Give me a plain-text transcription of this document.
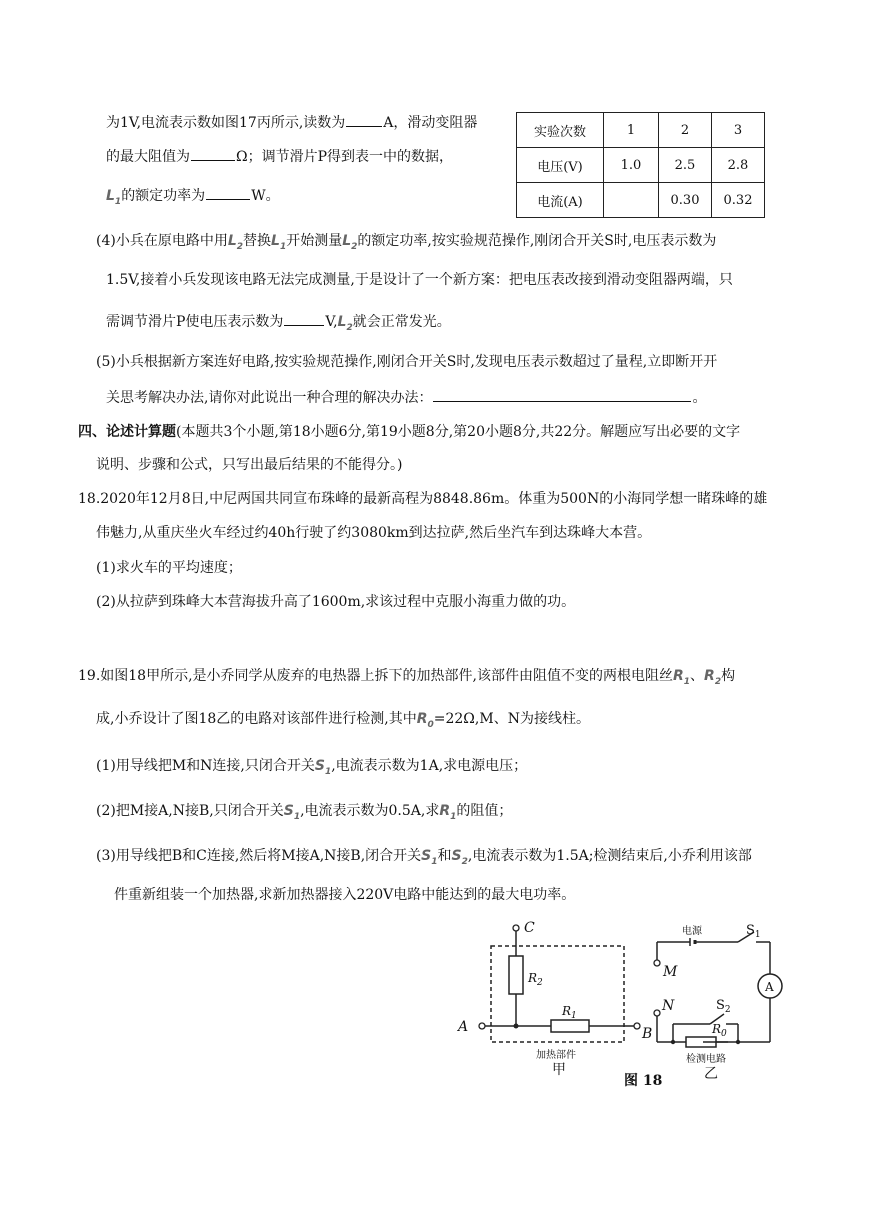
为1V,电流表示数如图17丙所示,读数为	A，滑动变阻器
的最大阻值为	Ω；调节滑片P得到表一中的数据，
$L_1$的额定功率为	W。
实验次数	1	2	3
电压(V)	1.0	2.5	2.8
电流(A)		0.30	0.32
(4)小兵在原电路中用$L_2$替换$L_1$开始测量$L_2$的额定功率,按实验规范操作,刚闭合开关S时,电压表示数为
1.5V,接着小兵发现该电路无法完成测量,于是设计了一个新方案：把电压表改接到滑动变阻器两端，只
需调节滑片P使电压表示数为	$V,L_2$就会正常发光。
(5)小兵根据新方案连好电路,按实验规范操作,刚闭合开关S时,发现电压表示数超过了量程,立即断开开
关思考解决办法,请你对此说出一种合理的解决办法：	。
四、论述计算题(本题共3个小题,第18小题6分,第19小题8分,第20小题8分,共22分。解题应写出必要的文字
说明、步骤和公式，只写出最后结果的不能得分。)
18.2020年12月8日,中尼两国共同宣布珠峰的最新高程为8848.86m。体重为500N的小海同学想一睹珠峰的雄
伟魅力,从重庆坐火车经过约40h行驶了约3080km到达拉萨,然后坐汽车到达珠峰大本营。
(1)求火车的平均速度；
(2)从拉萨到珠峰大本营海拔升高了1600m,求该过程中克服小海重力做的功。
19.如图18甲所示,是小乔同学从废弃的电热器上拆下的加热部件,该部件由阻值不变的两根电阻丝$R_1$、$R_2$构
成,小乔设计了图18乙的电路对该部件进行检测,其中$R_0=22\Omega,M$、N为接线柱。
(1)用导线把M和N连接,只闭合开关$S_1$,电流表示数为1A,求电源电压；
(2)把M接A,N接B,只闭合开关$S_1$,电流表示数为0.5A,求$R_1$的阻值；
(3)用导线把B和C连接,然后将M接A,N接B,闭合开关$S_1$和$S_2$,电流表示数为1.5A;检测结束后,小乔利用该部
件重新组装一个加热器,求新加热器接入220V电路中能达到的最大电功率。
C
A	B
M
N
$R_2$
$R_1$
$R_0$
$S_1$
$S_2$
A
电源
加热部件
甲
检测电路
乙
图 18
